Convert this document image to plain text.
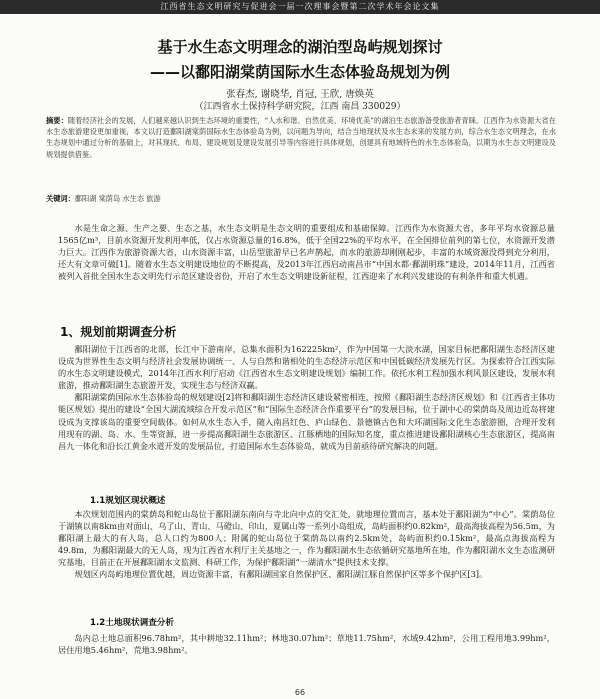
江西省生态文明研究与促进会一届一次理事会暨第二次学术年会论文集
基于水生态文明理念的湖泊型岛屿规划探讨
——以鄱阳湖棠荫国际水生态体验岛规划为例
张春杰, 谢晓华, 肖冠, 王欣, 唐焕英
（江西省水土保持科学研究院，江西 南昌 330029）
摘要：随着经济社会的发展，人们越来越认识到生态环境的重要性，“人水和谐、自然优美、环境优美”的湖泊生态旅游备受旅游者青睐。江西作为水资源大省在水生态旅游建设更加重视，本文以打造鄱阳湖棠荫国际水生态体验岛为例，以问题为导向，结合当地现状及水生态未来的发展方向，综合水生态文明理念，在水生态规划中通过分析的基础上，对其现状、布局、建设规划及建设发展引导等内容进行具体规划，创建具有地域特色的水生态体验岛，以期为水生态文明建设及规划提供借鉴。
关键词：鄱阳湖 棠荫岛 水生态 旅游

水是生命之源、生产之要、生态之基，水生态文明是生态文明的重要组成和基础保障。江西作为水资源大省，多年平均水资源总量1565亿m³，目前水资源开发利用率低，仅占水资源总量的16.8%，低于全国22%的平均水平，在全国排位前列的第七位，水资源开发潜力巨大。江西作为旅游资源大省，山水资源丰富，山岳型旅游早已名声鹊起，而水的旅游却刚刚起步，丰富的水域资源没得到充分利用，还大有文章可做[1]。随着水生态文明建设地位的不断提高，及2013年江西启动南昌市“中国水都·鄱湖明珠”建设，2014年11月，江西省被列入首批全国水生态文明先行示范区建设省份，开启了水生态文明建设新征程，江西迎来了水利兴发建设的有利条件和重大机遇。

1、规划前期调查分析

鄱阳湖位于江西省的北部，长江中下游南岸，总集水面积为162225km²，作为中国第一大淡水湖，国家目标把鄱阳湖生态经济区建设成为世界性生态文明与经济社会发展协调统一、人与自然和谐相处的生态经济示范区和中国低碳经济发展先行区。为探索符合江西实际的水生态文明建设模式，2014年江西水利厅启动《江西省水生态文明建设规划》编制工作。依托水利工程加强水利风景区建设，发展水利旅游，推动鄱阳湖生态旅游开发，实现生态与经济双赢。

鄱阳湖棠荫国际水生态体验岛的规划建设[2]将和鄱阳湖生态经济区建设紧密相连，按照《鄱阳湖生态经济区规划》和《江西省主体功能区规划》提出的建设“全国大湖流域综合开发示范区”和“国际生态经济合作重要平台”的发展目标，位于湖中心的棠荫岛及周边近岛将建设成为支撑该岛的重要空间载体。如何从水生态入手，随入南昌红色、庐山绿色、景德镇古色和大环湖国际文化生态旅游圈，合理开发利用现有的湖、岛、水、生等资源，进一步提高鄱阳湖生态旅游区、江豚栖地的国际知名度，重点推进建设鄱阳湖核心生态旅游区，提高南昌九一体化和沿长江黄金水道开发的发展品位，打造国际水生态体验岛，就成为目前亟待研究解决的问题。

1.1规划区现状概述

本次规划范围内的棠荫岛和蛇山岛位于鄱阳湖东南向与寺北向中点的交汇处，就地理位置而言，基本处于鄱阳湖为“中心”。棠荫岛位于湖镇以南8km由对面山、乌了山、青山、马磴山、印山，夏属山等一系列小岛组成，岛屿面积约0.82km²，最高海拔高程为56.5m，为鄱阳湖上最大的有人岛，总人口约为800人；附属的蛇山岛位于棠荫岛以南约2.5km处，岛屿面积约0.15km²，最高点海拔高程为49.8m，为鄱阳湖最大的无人岛，现为江西省水利厅主关基地之一，作为鄱阳湖水生态依循研究基地所在地，作为鄱阳湖水文生态监测研究基地，目前正在开展鄱阳湖水文监测、科研工作，为保护鄱阳湖“一湖清水”提供技术支撑。

规划区内岛屿地理位置优越，周边资源丰富，有鄱阳湖国家自然保护区、鄱阳湖江豚自然保护区等多个保护区[3]。

1.2土地现状调查分析

岛内总土地总面积96.78hm²，其中耕地32.11hm²；林地30.07hm²；草地11.75hm²，水域9.42hm²，公用工程用地3.99hm²，居住用地5.46hm²，荒地3.98hm²。

66
